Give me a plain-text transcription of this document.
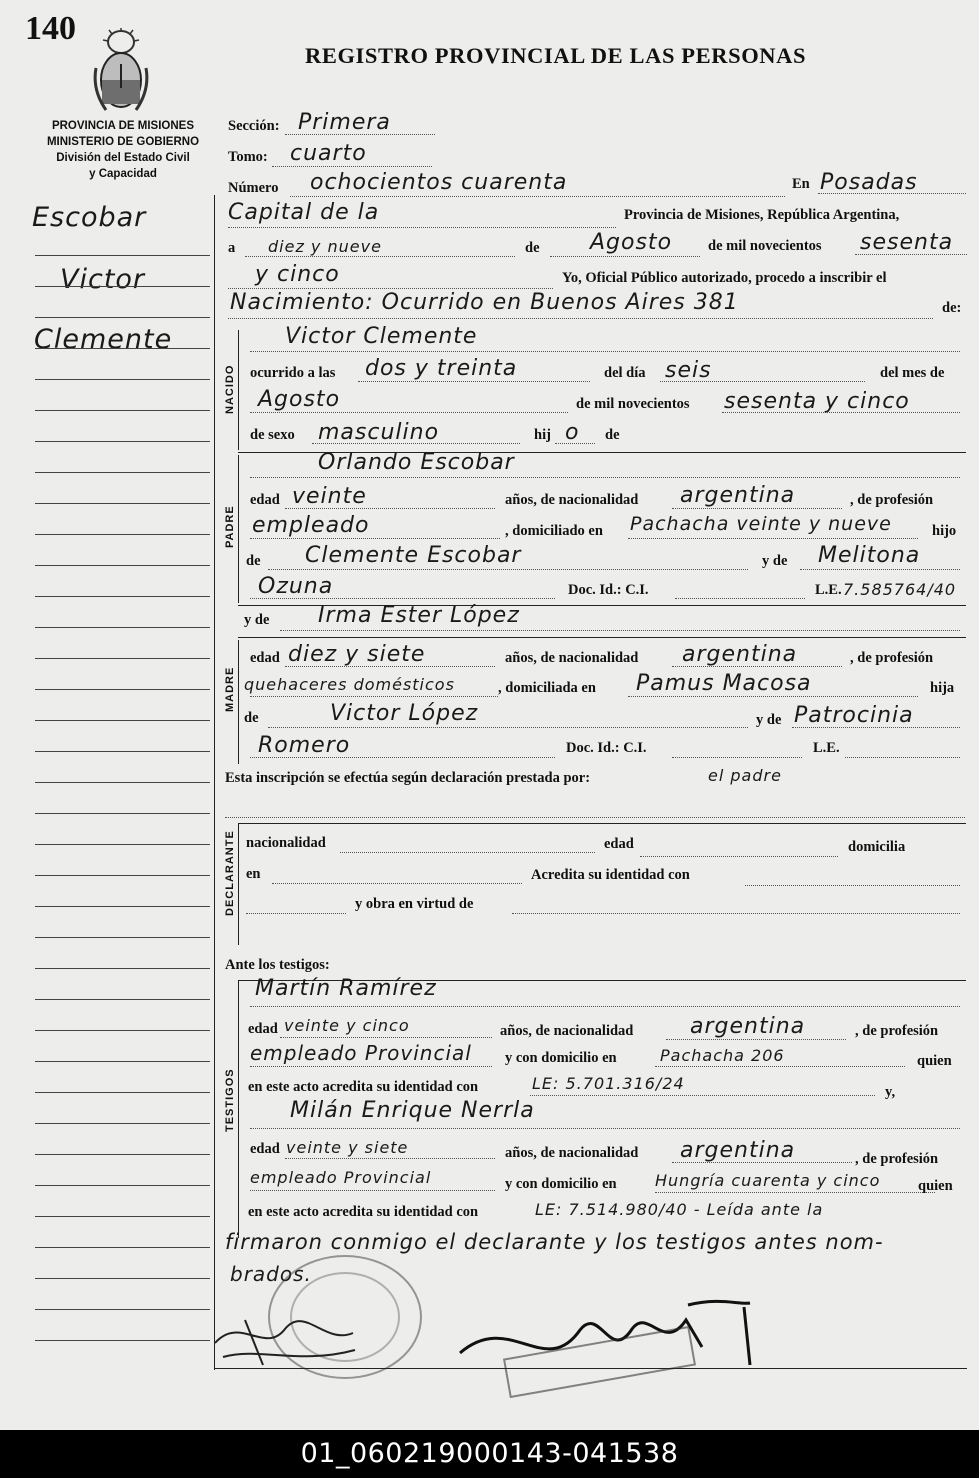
140
REGISTRO PROVINCIAL DE LAS PERSONAS
PROVINCIA DE MISIONES
MINISTERIO DE GOBIERNO
División del Estado Civil
y Capacidad
Escobar
Victor
Clemente
Sección: Primera
Tomo: cuarto
Número ochocientos cuarenta	En Posadas
Capital de la	Provincia de Misiones, República Argentina,
a diez y nueve	de Agosto de mil novecientos sesenta
y cinco	Yo, Oficial Público autorizado, procedo a inscribir el
Nacimiento: Ocurrido en Buenos Aires 381	de:
NACIDO
Victor Clemente
ocurrido a las dos y treinta	del día seis	del mes de
Agosto	de mil novecientos sesenta y cinco
de sexo masculino	hij o de
PADRE
Orlando Escobar
edad veinte	años, de nacionalidad argentina	, de profesión
empleado	, domiciliado en Pachacha veinte y nueve	hijo
de Clemente Escobar	y de Melitona
Ozuna	Doc. Id.: C.I.	L.E. 7.585764/40
y de Irma Ester López
MADRE
edad diez y siete	años, de nacionalidad argentina	, de profesión
quehaceres domésticos	, domiciliada en Pamus Macosa	hija
de	Victor López	y de Patrocinia
Romero	Doc. Id.: C.I.	L.E.
Esta inscripción se efectúa según declaración prestada por:	el padre
DECLARANTE nacionalidad	edad	domicilia
en	Acredita su identidad con
y obra en virtud de
Ante los testigos:
TESTIGOS
Martín Ramírez
edad veinte y cinco	años, de nacionalidad	argentina	, de profesión
empleado Provincial y con domicilio en	Pachacha 206	quien
en este acto acredita su identidad con	LE: 5.701.316/24	y,
Milán Enrique Nerrla
edad veinte y siete	años, de nacionalidad argentina	, de profesión
empleado Provincial	y con domicilio en Hungría cuarenta y cinco	quien
en este acto acredita su identidad con	LE: 7.514.980/40 - Leída ante la
firmaron conmigo el declarante y los testigos antes nom-
brados.
01_060219000143-041538
